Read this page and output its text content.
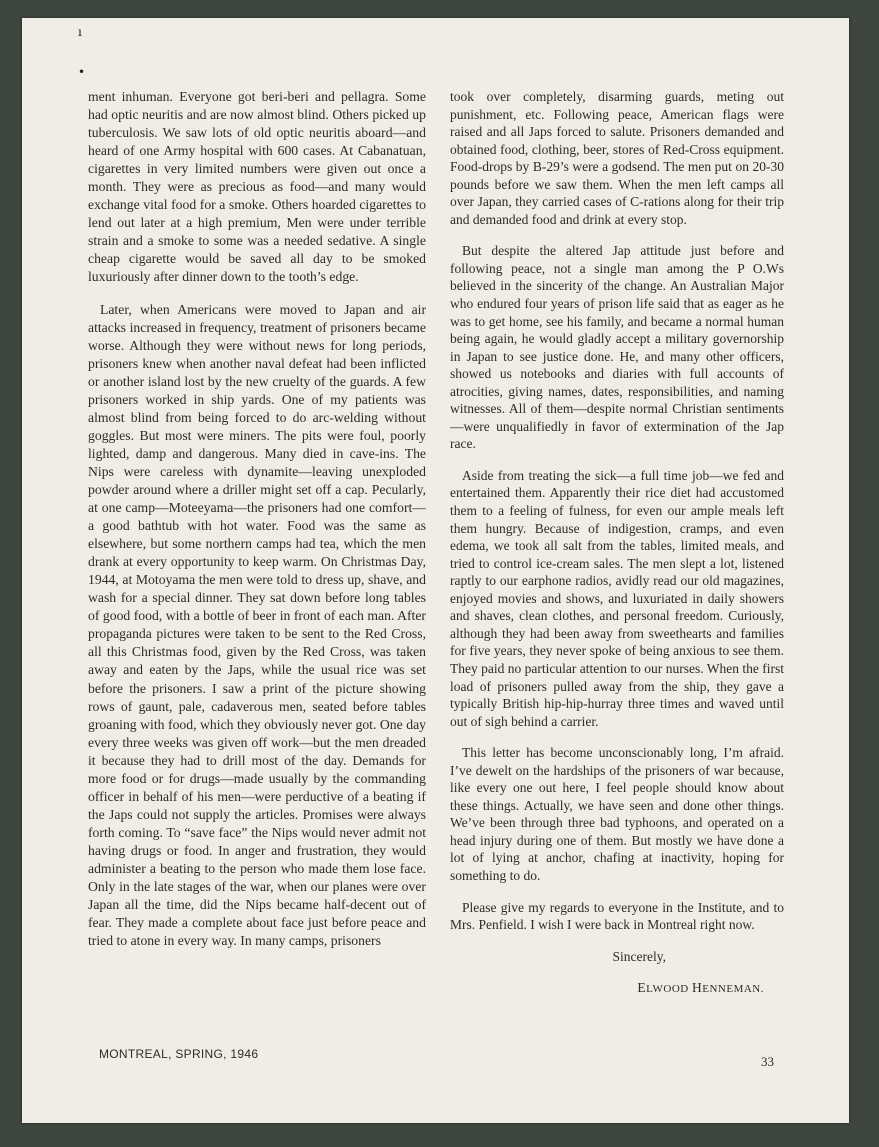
ı
•

ment inhuman. Everyone got beri-beri and pellagra. Some had optic neuritis and are now almost blind. Others picked up tuberculosis. We saw lots of old optic neuritis aboard—and heard of one Army hospital with 600 cases. At Cabanatuan, cigarettes in very limited numbers were given out once a month. They were as precious as food—and many would exchange vital food for a smoke. Others hoarded cigarettes to lend out later at a high premium, Men were under terrible strain and a smoke to some was a needed sedative. A single cheap cigarette would be saved all day to be smoked luxuriously after dinner down to the tooth’s edge.

Later, when Americans were moved to Japan and air attacks increased in frequency, treatment of prisoners became worse. Although they were without news for long periods, prisoners knew when another naval defeat had been inflicted or another island lost by the new cruelty of the guards. A few prisoners worked in ship yards. One of my patients was almost blind from being forced to do arc-welding without goggles. But most were miners. The pits were foul, poorly lighted, damp and dangerous. Many died in cave-ins. The Nips were careless with dynamite—leaving unexploded powder around where a driller might set off a cap. Pecularly, at one camp—Moteeyama—the prisoners had one comfort—a good bathtub with hot water. Food was the same as elsewhere, but some northern camps had tea, which the men drank at every opportunity to keep warm. On Christmas Day, 1944, at Motoyama the men were told to dress up, shave, and wash for a special dinner. They sat down before long tables of good food, with a bottle of beer in front of each man. After propaganda pictures were taken to be sent to the Red Cross, all this Christmas food, given by the Red Cross, was taken away and eaten by the Japs, while the usual rice was set before the prisoners. I saw a print of the picture showing rows of gaunt, pale, cadaverous men, seated before tables groaning with food, which they obviously never got. One day every three weeks was given off work—but the men dreaded it because they had to drill most of the day. Demands for more food or for drugs—made usually by the commanding officer in behalf of his men—were perductive of a beating if the Japs could not supply the articles. Promises were always forth coming. To “save face” the Nips would never admit not having drugs or food. In anger and frustration, they would administer a beating to the person who made them lose face. Only in the late stages of the war, when our planes were over Japan all the time, did the Nips became half-decent out of fear. They made a complete about face just before peace and tried to atone in every way. In many camps, prisoners

took over completely, disarming guards, meting out punishment, etc. Following peace, American flags were raised and all Japs forced to salute. Prisoners demanded and obtained food, clothing, beer, stores of Red-Cross equipment. Food-drops by B-29’s were a godsend. The men put on 20-30 pounds before we saw them. When the men left camps all over Japan, they carried cases of C-rations along for their trip and demanded food and drink at every stop.

But despite the altered Jap attitude just before and following peace, not a single man among the P O.Ws believed in the sincerity of the change. An Australian Major who endured four years of prison life said that as eager as he was to get home, see his family, and became a normal human being again, he would gladly accept a military governorship in Japan to see justice done. He, and many other officers, showed us notebooks and diaries with full accounts of atrocities, giving names, dates, responsibilities, and naming witnesses. All of them—despite normal Christian sentiments—were unqualifiedly in favor of extermination of the Jap race.

Aside from treating the sick—a full time job—we fed and entertained them. Apparently their rice diet had accustomed them to a feeling of fulness, for even our ample meals left them hungry. Because of indigestion, cramps, and even edema, we took all salt from the tables, limited meals, and tried to control ice-cream sales. The men slept a lot, listened raptly to our earphone radios, avidly read our old magazines, enjoyed movies and shows, and luxuriated in daily showers and shaves, clean clothes, and personal freedom. Curiously, although they had been away from sweethearts and families for five years, they never spoke of being anxious to see them. They paid no particular attention to our nurses. When the first load of prisoners pulled away from the ship, they gave a typically British hip-hip-hurray three times and waved until out of sigh behind a carrier.

This letter has become unconscionably long, I’m afraid. I’ve dewelt on the hardships of the prisoners of war because, like every one out here, I feel people should know about these things. Actually, we have seen and done other things. We’ve been through three bad typhoons, and operated on a head injury during one of them. But mostly we have done a lot of lying at anchor, chafing at inactivity, hoping for something to do.

Please give my regards to everyone in the Institute, and to Mrs. Penfield. I wish I were back in Montreal right now.

Sincerely,

ELWOOD HENNEMAN.

MONTREAL, SPRING, 1946	33
